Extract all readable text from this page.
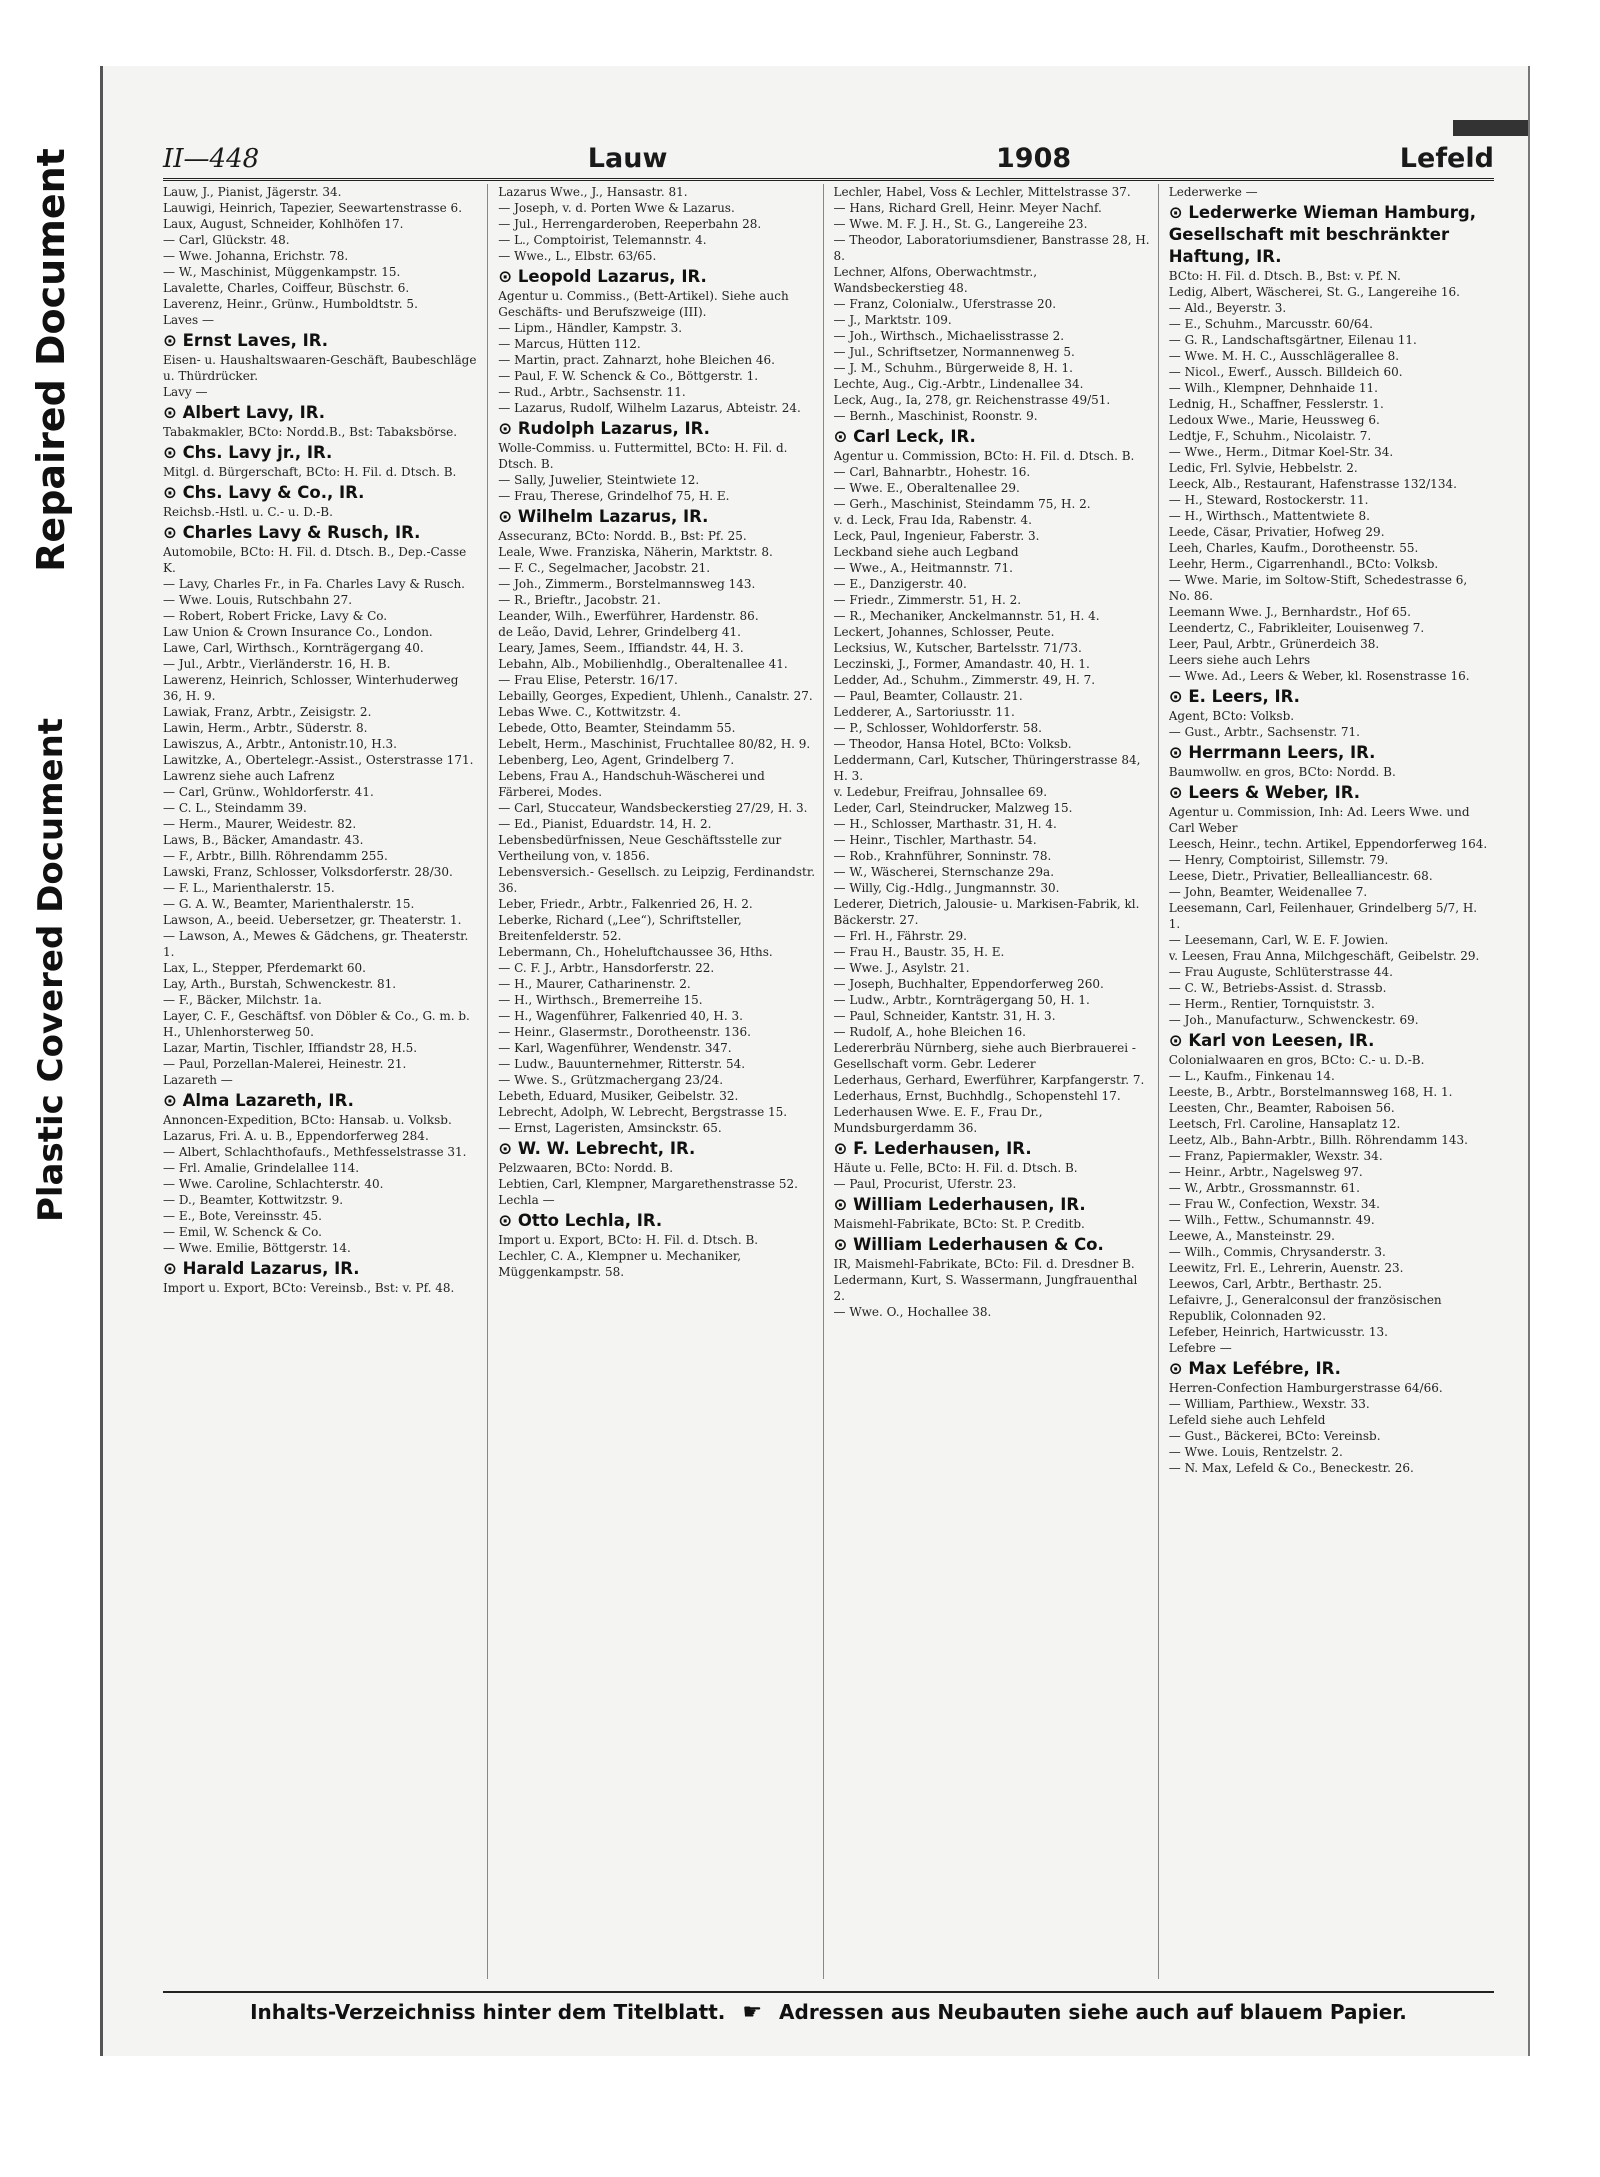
Repaired Document
Plastic Covered Document
II—448	Lauw	1908	Lefeld

Lauw, J., Pianist, Jägerstr. 34.

Lauwigi, Heinrich, Tapezier, Seewartenstrasse 6.

Laux, August, Schneider, Kohlhöfen 17.

— Carl, Glückstr. 48.

— Wwe. Johanna, Erichstr. 78.

— W., Maschinist, Müggenkampstr. 15.

Lavalette, Charles, Coiffeur, Büschstr. 6.

Laverenz, Heinr., Grünw., Humboldtstr. 5.

Laves —

⊙ Ernst Laves, IR.

Eisen- u. Haushaltswaaren-Geschäft, Baubeschläge u. Thürdrücker.

Lavy —

⊙ Albert Lavy, IR.

Tabakmakler, BCto: Nordd.B., Bst: Tabaksbörse.

⊙ Chs. Lavy jr., IR.

Mitgl. d. Bürgerschaft, BCto: H. Fil. d. Dtsch. B.

⊙ Chs. Lavy & Co., IR.

Reichsb.-Hstl. u. C.- u. D.-B.

⊙ Charles Lavy & Rusch, IR.

Automobile, BCto: H. Fil. d. Dtsch. B., Dep.-Casse K.

— Lavy, Charles Fr., in Fa. Charles Lavy & Rusch.

— Wwe. Louis, Rutschbahn 27.

— Robert, Robert Fricke, Lavy & Co.

Law Union & Crown Insurance Co., London.

Lawe, Carl, Wirthsch., Kornträgergang 40.

— Jul., Arbtr., Vierländerstr. 16, H. B.

Lawerenz, Heinrich, Schlosser, Winterhuderweg 36, H. 9.

Lawiak, Franz, Arbtr., Zeisigstr. 2.

Lawin, Herm., Arbtr., Süderstr. 8.

Lawiszus, A., Arbtr., Antonistr.10, H.3.

Lawitzke, A., Obertelegr.-Assist., Osterstrasse 171.

Lawrenz siehe auch Lafrenz

— Carl, Grünw., Wohldorferstr. 41.

— C. L., Steindamm 39.

— Herm., Maurer, Weidestr. 82.

Laws, B., Bäcker, Amandastr. 43.

— F., Arbtr., Billh. Röhrendamm 255.

Lawski, Franz, Schlosser, Volksdorferstr. 28/30.

— F. L., Marienthalerstr. 15.

— G. A. W., Beamter, Marienthalerstr. 15.

Lawson, A., beeid. Uebersetzer, gr. Theaterstr. 1.

— Lawson, A., Mewes & Gädchens, gr. Theaterstr. 1.

Lax, L., Stepper, Pferdemarkt 60.

Lay, Arth., Burstah, Schwenckestr. 81.

— F., Bäcker, Milchstr. 1a.

Layer, C. F., Geschäftsf. von Döbler & Co., G. m. b. H., Uhlenhorsterweg 50.

Lazar, Martin, Tischler, Iffiandstr 28, H.5.

— Paul, Porzellan-Malerei, Heinestr. 21.

Lazareth —

⊙ Alma Lazareth, IR.

Annoncen-Expedition, BCto: Hansab. u. Volksb.

Lazarus, Fri. A. u. B., Eppendorferweg 284.

— Albert, Schlachthofaufs., Methfesselstrasse 31.

— Frl. Amalie, Grindelallee 114.

— Wwe. Caroline, Schlachterstr. 40.

— D., Beamter, Kottwitzstr. 9.

— E., Bote, Vereinsstr. 45.

— Emil, W. Schenck & Co.

— Wwe. Emilie, Böttgerstr. 14.

⊙ Harald Lazarus, IR.

Import u. Export, BCto: Vereinsb., Bst: v. Pf. 48.

Lazarus Wwe., J., Hansastr. 81.

— Joseph, v. d. Porten Wwe & Lazarus.

— Jul., Herrengarderoben, Reeperbahn 28.

— L., Comptoirist, Telemannstr. 4.

— Wwe., L., Elbstr. 63/65.

⊙ Leopold Lazarus, IR.

Agentur u. Commiss., (Bett-Artikel). Siehe auch Geschäfts- und Berufszweige (III).

— Lipm., Händler, Kampstr. 3.

— Marcus, Hütten 112.

— Martin, pract. Zahnarzt, hohe Bleichen 46.

— Paul, F. W. Schenck & Co., Böttgerstr. 1.

— Rud., Arbtr., Sachsenstr. 11.

— Lazarus, Rudolf, Wilhelm Lazarus, Abteistr. 24.

⊙ Rudolph Lazarus, IR.

Wolle-Commiss. u. Futtermittel, BCto: H. Fil. d. Dtsch. B.

— Sally, Juwelier, Steintwiete 12.

— Frau, Therese, Grindelhof 75, H. E.

⊙ Wilhelm Lazarus, IR.

Assecuranz, BCto: Nordd. B., Bst: Pf. 25.

Leale, Wwe. Franziska, Näherin, Marktstr. 8.

— F. C., Segelmacher, Jacobstr. 21.

— Joh., Zimmerm., Borstelmannsweg 143.

— R., Brieftr., Jacobstr. 21.

Leander, Wilh., Ewerführer, Hardenstr. 86.

de Leão, David, Lehrer, Grindelberg 41.

Leary, James, Seem., Iffiandstr. 44, H. 3.

Lebahn, Alb., Mobilienhdlg., Oberaltenallee 41.

— Frau Elise, Peterstr. 16/17.

Lebailly, Georges, Expedient, Uhlenh., Canalstr. 27.

Lebas Wwe. C., Kottwitzstr. 4.

Lebede, Otto, Beamter, Steindamm 55.

Lebelt, Herm., Maschinist, Fruchtallee 80/82, H. 9.

Lebenberg, Leo, Agent, Grindelberg 7.

Lebens, Frau A., Handschuh-Wäscherei und Färberei, Modes.

— Carl, Stuccateur, Wandsbeckerstieg 27/29, H. 3.

— Ed., Pianist, Eduardstr. 14, H. 2.

Lebensbedürfnissen, Neue Geschäftsstelle zur Vertheilung von, v. 1856.

Lebensversich.- Gesellsch. zu Leipzig, Ferdinandstr. 36.

Leber, Friedr., Arbtr., Falkenried 26, H. 2.

Leberke, Richard („Lee“), Schriftsteller, Breitenfelderstr. 52.

Lebermann, Ch., Hoheluftchaussee 36, Hths.

— C. F. J., Arbtr., Hansdorferstr. 22.

— H., Maurer, Catharinenstr. 2.

— H., Wirthsch., Bremerreihe 15.

— H., Wagenführer, Falkenried 40, H. 3.

— Heinr., Glasermstr., Dorotheenstr. 136.

— Karl, Wagenführer, Wendenstr. 347.

— Ludw., Bauunternehmer, Ritterstr. 54.

— Wwe. S., Grützmachergang 23/24.

Lebeth, Eduard, Musiker, Geibelstr. 32.

Lebrecht, Adolph, W. Lebrecht, Bergstrasse 15.

— Ernst, Lageristen, Amsinckstr. 65.

⊙ W. W. Lebrecht, IR.

Pelzwaaren, BCto: Nordd. B.

Lebtien, Carl, Klempner, Margarethenstrasse 52.

Lechla —

⊙ Otto Lechla, IR.

Import u. Export, BCto: H. Fil. d. Dtsch. B.

Lechler, C. A., Klempner u. Mechaniker, Müggenkampstr. 58.

Lechler, Habel, Voss & Lechler, Mittelstrasse 37.

— Hans, Richard Grell, Heinr. Meyer Nachf.

— Wwe. M. F. J. H., St. G., Langereihe 23.

— Theodor, Laboratoriumsdiener, Banstrasse 28, H. 8.

Lechner, Alfons, Oberwachtmstr., Wandsbeckerstieg 48.

— Franz, Colonialw., Uferstrasse 20.

— J., Marktstr. 109.

— Joh., Wirthsch., Michaelisstrasse 2.

— Jul., Schriftsetzer, Normannenweg 5.

— J. M., Schuhm., Bürgerweide 8, H. 1.

Lechte, Aug., Cig.-Arbtr., Lindenallee 34.

Leck, Aug., Ia, 278, gr. Reichenstrasse 49/51.

— Bernh., Maschinist, Roonstr. 9.

⊙ Carl Leck, IR.

Agentur u. Commission, BCto: H. Fil. d. Dtsch. B.

— Carl, Bahnarbtr., Hohestr. 16.

— Wwe. E., Oberaltenallee 29.

— Gerh., Maschinist, Steindamm 75, H. 2.

v. d. Leck, Frau Ida, Rabenstr. 4.

Leck, Paul, Ingenieur, Faberstr. 3.

Leckband siehe auch Legband

— Wwe., A., Heitmannstr. 71.

— E., Danzigerstr. 40.

— Friedr., Zimmerstr. 51, H. 2.

— R., Mechaniker, Anckelmannstr. 51, H. 4.

Leckert, Johannes, Schlosser, Peute.

Lecksius, W., Kutscher, Bartelsstr. 71/73.

Leczinski, J., Former, Amandastr. 40, H. 1.

Ledder, Ad., Schuhm., Zimmerstr. 49, H. 7.

— Paul, Beamter, Collaustr. 21.

Ledderer, A., Sartoriusstr. 11.

— P., Schlosser, Wohldorferstr. 58.

— Theodor, Hansa Hotel, BCto: Volksb.

Leddermann, Carl, Kutscher, Thüringerstrasse 84, H. 3.

v. Ledebur, Freifrau, Johnsallee 69.

Leder, Carl, Steindrucker, Malzweg 15.

— H., Schlosser, Marthastr. 31, H. 4.

— Heinr., Tischler, Marthastr. 54.

— Rob., Krahnführer, Sonninstr. 78.

— W., Wäscherei, Sternschanze 29a.

— Willy, Cig.-Hdlg., Jungmannstr. 30.

Lederer, Dietrich, Jalousie- u. Markisen-Fabrik, kl. Bäckerstr. 27.

— Frl. H., Fährstr. 29.

— Frau H., Baustr. 35, H. E.

— Wwe. J., Asylstr. 21.

— Joseph, Buchhalter, Eppendorferweg 260.

— Ludw., Arbtr., Kornträgergang 50, H. 1.

— Paul, Schneider, Kantstr. 31, H. 3.

— Rudolf, A., hohe Bleichen 16.

Ledererbräu Nürnberg, siehe auch Bierbrauerei - Gesellschaft vorm. Gebr. Lederer

Lederhaus, Gerhard, Ewerführer, Karpfangerstr. 7.

Lederhaus, Ernst, Buchhdlg., Schopenstehl 17.

Lederhausen Wwe. E. F., Frau Dr., Mundsburgerdamm 36.

⊙ F. Lederhausen, IR.

Häute u. Felle, BCto: H. Fil. d. Dtsch. B.

— Paul, Procurist, Uferstr. 23.

⊙ William Lederhausen, IR.

Maismehl-Fabrikate, BCto: St. P. Creditb.

⊙ William Lederhausen & Co.

IR, Maismehl-Fabrikate, BCto: Fil. d. Dresdner B.

Ledermann, Kurt, S. Wassermann, Jungfrauenthal 2.

— Wwe. O., Hochallee 38.

Lederwerke —

⊙ Lederwerke Wieman Hamburg, Gesellschaft mit beschränkter Haftung, IR.

BCto: H. Fil. d. Dtsch. B., Bst: v. Pf. N.

Ledig, Albert, Wäscherei, St. G., Langereihe 16.

— Ald., Beyerstr. 3.

— E., Schuhm., Marcusstr. 60/64.

— G. R., Landschaftsgärtner, Eilenau 11.

— Wwe. M. H. C., Ausschlägerallee 8.

— Nicol., Ewerf., Aussch. Billdeich 60.

— Wilh., Klempner, Dehnhaide 11.

Lednig, H., Schaffner, Fesslerstr. 1.

Ledoux Wwe., Marie, Heussweg 6.

Ledtje, F., Schuhm., Nicolaistr. 7.

— Wwe., Herm., Ditmar Koel-Str. 34.

Ledic, Frl. Sylvie, Hebbelstr. 2.

Leeck, Alb., Restaurant, Hafenstrasse 132/134.

— H., Steward, Rostockerstr. 11.

— H., Wirthsch., Mattentwiete 8.

Leede, Cäsar, Privatier, Hofweg 29.

Leeh, Charles, Kaufm., Dorotheenstr. 55.

Leehr, Herm., Cigarrenhandl., BCto: Volksb.

— Wwe. Marie, im Soltow-Stift, Schedestrasse 6, No. 86.

Leemann Wwe. J., Bernhardstr., Hof 65.

Leendertz, C., Fabrikleiter, Louisenweg 7.

Leer, Paul, Arbtr., Grünerdeich 38.

Leers siehe auch Lehrs

— Wwe. Ad., Leers & Weber, kl. Rosenstrasse 16.

⊙ E. Leers, IR.

Agent, BCto: Volksb.

— Gust., Arbtr., Sachsenstr. 71.

⊙ Herrmann Leers, IR.

Baumwollw. en gros, BCto: Nordd. B.

⊙ Leers & Weber, IR.

Agentur u. Commission, Inh: Ad. Leers Wwe. und Carl Weber

Leesch, Heinr., techn. Artikel, Eppendorferweg 164.

— Henry, Comptoirist, Sillemstr. 79.

Leese, Dietr., Privatier, Bellealliancestr. 68.

— John, Beamter, Weidenallee 7.

Leesemann, Carl, Feilenhauer, Grindelberg 5/7, H. 1.

— Leesemann, Carl, W. E. F. Jowien.

v. Leesen, Frau Anna, Milchgeschäft, Geibelstr. 29.

— Frau Auguste, Schlüterstrasse 44.

— C. W., Betriebs-Assist. d. Strassb.

— Herm., Rentier, Tornquiststr. 3.

— Joh., Manufacturw., Schwenckestr. 69.

⊙ Karl von Leesen, IR.

Colonialwaaren en gros, BCto: C.- u. D.-B.

— L., Kaufm., Finkenau 14.

Leeste, B., Arbtr., Borstelmannsweg 168, H. 1.

Leesten, Chr., Beamter, Raboisen 56.

Leetsch, Frl. Caroline, Hansaplatz 12.

Leetz, Alb., Bahn-Arbtr., Billh. Röhrendamm 143.

— Franz, Papiermakler, Wexstr. 34.

— Heinr., Arbtr., Nagelsweg 97.

— W., Arbtr., Grossmannstr. 61.

— Frau W., Confection, Wexstr. 34.

— Wilh., Fettw., Schumannstr. 49.

Leewe, A., Mansteinstr. 29.

— Wilh., Commis, Chrysanderstr. 3.

Leewitz, Frl. E., Lehrerin, Auenstr. 23.

Leewos, Carl, Arbtr., Berthastr. 25.

Lefaivre, J., Generalconsul der französischen Republik, Colonnaden 92.

Lefeber, Heinrich, Hartwicusstr. 13.

Lefebre —

⊙ Max Lefébre, IR.

Herren-Confection Hamburgerstrasse 64/66.

— William, Parthiew., Wexstr. 33.

Lefeld siehe auch Lehfeld

— Gust., Bäckerei, BCto: Vereinsb.

— Wwe. Louis, Rentzelstr. 2.

— N. Max, Lefeld & Co., Beneckestr. 26.

Inhalts-Verzeichniss hinter dem Titelblatt. ☛ Adressen aus Neubauten siehe auch auf blauem Papier.
